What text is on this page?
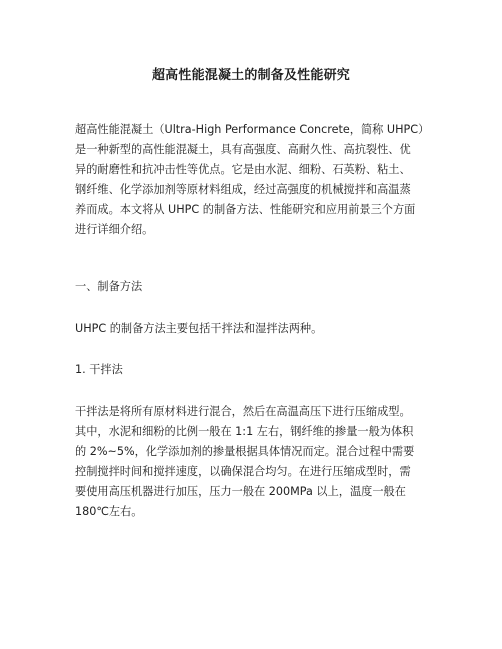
超高性能混凝土的制备及性能研究
超高性能混凝土（Ultra-High Performance Concrete，简称 UHPC）
是一种新型的高性能混凝土，具有高强度、高耐久性、高抗裂性、优
异的耐磨性和抗冲击性等优点。它是由水泥、细粉、石英粉、粘土、
钢纤维、化学添加剂等原材料组成，经过高强度的机械搅拌和高温蒸
养而成。本文将从 UHPC 的制备方法、性能研究和应用前景三个方面
进行详细介绍。
一、制备方法
UHPC 的制备方法主要包括干拌法和湿拌法两种。
1. 干拌法
干拌法是将所有原材料进行混合，然后在高温高压下进行压缩成型。
其中，水泥和细粉的比例一般在 1:1 左右，钢纤维的掺量一般为体积
的 2%~5%，化学添加剂的掺量根据具体情况而定。混合过程中需要
控制搅拌时间和搅拌速度，以确保混合均匀。在进行压缩成型时，需
要使用高压机器进行加压，压力一般在 200MPa 以上，温度一般在
180℃左右。
